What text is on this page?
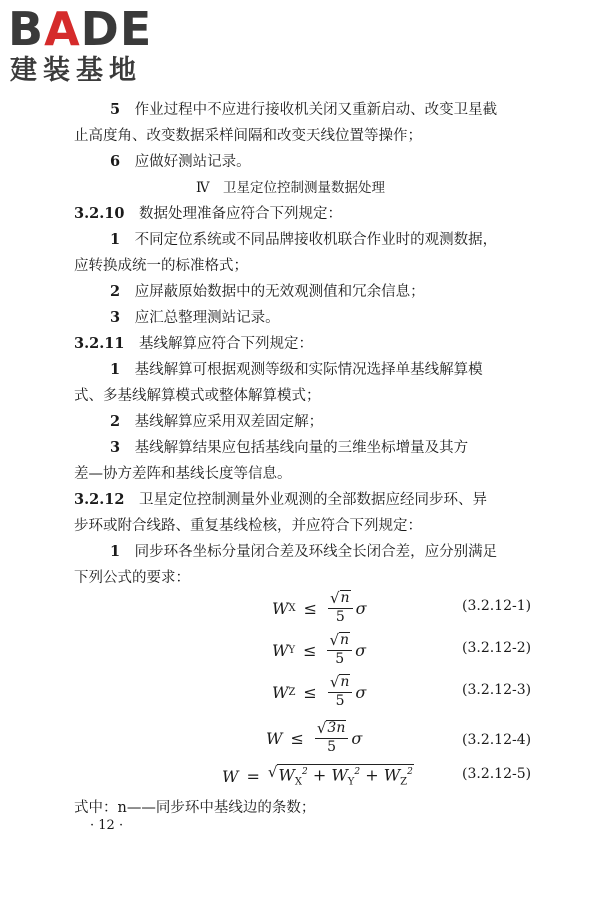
BADE
建装基地
5　 作业过程中不应进行接收机关闭又重新启动、改变卫星截
止高度角、改变数据采样间隔和改变天线位置等操作；
6　 应做好测站记录。
Ⅳ　卫星定位控制测量数据处理
3.2.10　 数据处理准备应符合下列规定：
1　 不同定位系统或不同品牌接收机联合作业时的观测数据，
应转换成统一的标准格式；
2　 应屏蔽原始数据中的无效观测值和冗余信息；
3　 应汇总整理测站记录。
3.2.11　 基线解算应符合下列规定：
1　 基线解算可根据观测等级和实际情况选择单基线解算模
式、多基线解算模式或整体解算模式；
2　 基线解算应采用双差固定解；
3　 基线解算结果应包括基线向量的三维坐标增量及其方
差—协方差阵和基线长度等信息。
3.2.12　 卫星定位控制测量外业观测的全部数据应经同步环、异
步环或附合线路、重复基线检核，并应符合下列规定：
1　 同步环各坐标分量闭合差及环线全长闭合差，应分别满足
下列公式的要求：
W $X \le \frac{√ n}{5}$ σ	(3.2.12-1)
W $Y \le \frac{√ n}{5}$ σ	(3.2.12-2)
W $Z \le \frac{√ n}{5}$ σ	(3.2.12-3)
$W \le \frac{√ 3n}{5}$ σ	(3.2.12-4)
W = √ $W_X^2 + W_Y^2 + W_Z^2$	(3.2.12-5)
式中：n——同步环中基线边的条数；
· 12 ·
